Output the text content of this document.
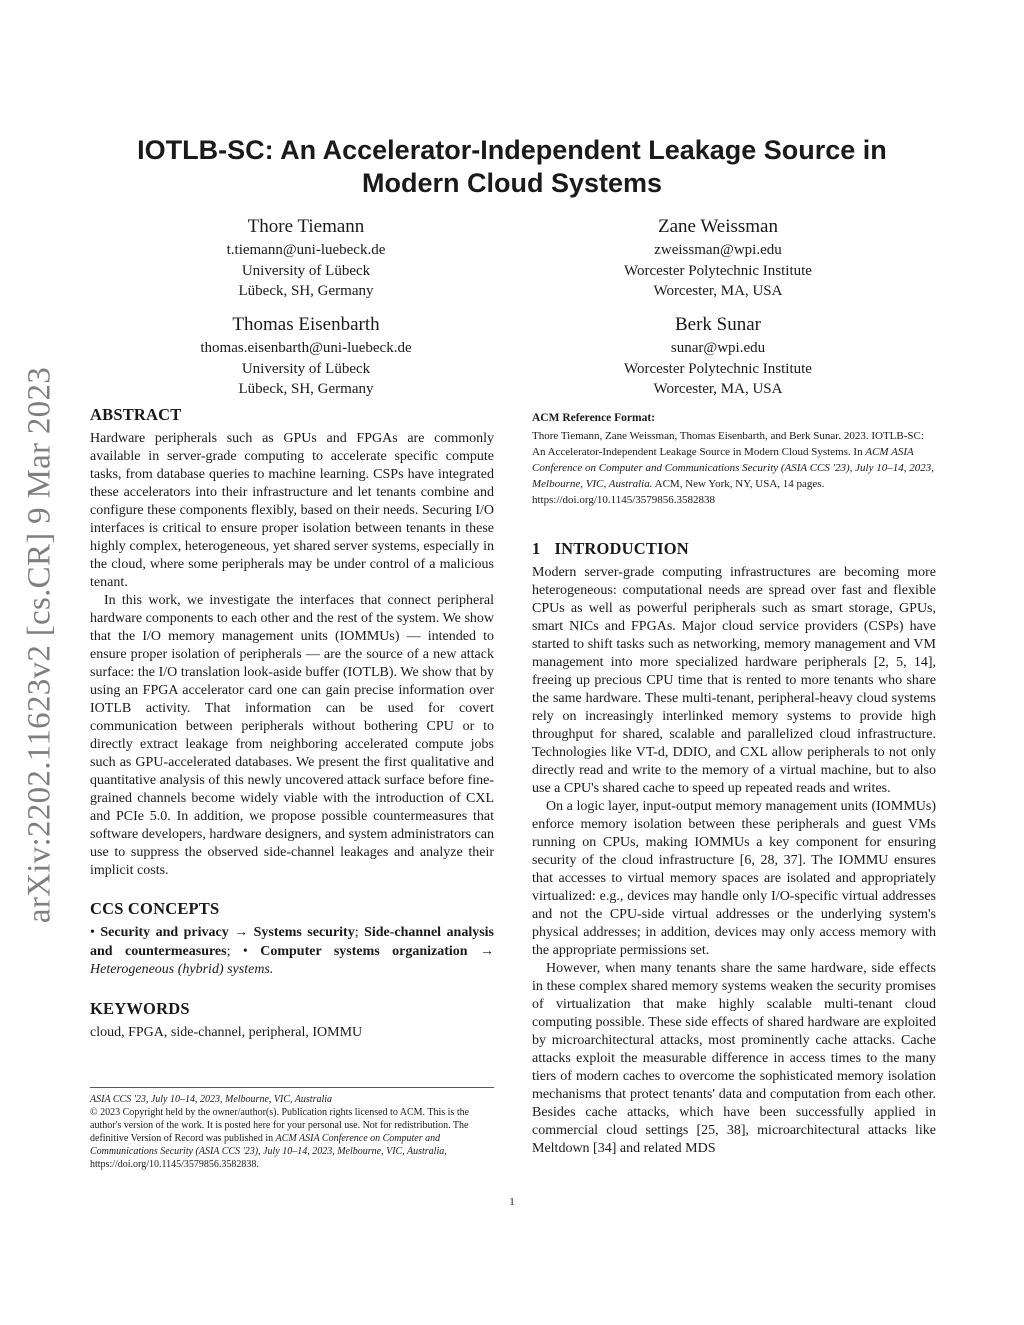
arXiv:2202.11623v2 [cs.CR] 9 Mar 2023
IOTLB-SC: An Accelerator-Independent Leakage Source in Modern Cloud Systems
Thore Tiemann
t.tiemann@uni-luebeck.de
University of Lübeck
Lübeck, SH, Germany
Zane Weissman
zweissman@wpi.edu
Worcester Polytechnic Institute
Worcester, MA, USA
Thomas Eisenbarth
thomas.eisenbarth@uni-luebeck.de
University of Lübeck
Lübeck, SH, Germany
Berk Sunar
sunar@wpi.edu
Worcester Polytechnic Institute
Worcester, MA, USA
ABSTRACT

Hardware peripherals such as GPUs and FPGAs are commonly available in server-grade computing to accelerate specific compute tasks, from database queries to machine learning. CSPs have integrated these accelerators into their infrastructure and let tenants combine and configure these components flexibly, based on their needs. Securing I/O interfaces is critical to ensure proper isolation between tenants in these highly complex, heterogeneous, yet shared server systems, especially in the cloud, where some peripherals may be under control of a malicious tenant.

In this work, we investigate the interfaces that connect peripheral hardware components to each other and the rest of the system. We show that the I/O memory management units (IOMMUs) — intended to ensure proper isolation of peripherals — are the source of a new attack surface: the I/O translation look-aside buffer (IOTLB). We show that by using an FPGA accelerator card one can gain precise information over IOTLB activity. That information can be used for covert communication between peripherals without bothering CPU or to directly extract leakage from neighboring accelerated compute jobs such as GPU-accelerated databases. We present the first qualitative and quantitative analysis of this newly uncovered attack surface before fine-grained channels become widely viable with the introduction of CXL and PCIe 5.0. In addition, we propose possible countermeasures that software developers, hardware designers, and system administrators can use to suppress the observed side-channel leakages and analyze their implicit costs.

CCS CONCEPTS

• Security and privacy → Systems security; Side-channel analysis and countermeasures; • Computer systems organization → Heterogeneous (hybrid) systems.

KEYWORDS

cloud, FPGA, side-channel, peripheral, IOMMU

ASIA CCS '23, July 10–14, 2023, Melbourne, VIC, Australia
© 2023 Copyright held by the owner/author(s). Publication rights licensed to ACM. This is the author's version of the work. It is posted here for your personal use. Not for redistribution. The definitive Version of Record was published in ACM ASIA Conference on Computer and Communications Security (ASIA CCS '23), July 10–14, 2023, Melbourne, VIC, Australia, https://doi.org/10.1145/3579856.3582838.
ACM Reference Format:
Thore Tiemann, Zane Weissman, Thomas Eisenbarth, and Berk Sunar. 2023. IOTLB-SC: An Accelerator-Independent Leakage Source in Modern Cloud Systems. In ACM ASIA Conference on Computer and Communications Security (ASIA CCS '23), July 10–14, 2023, Melbourne, VIC, Australia. ACM, New York, NY, USA, 14 pages. https://doi.org/10.1145/3579856.3582838
1 INTRODUCTION

Modern server-grade computing infrastructures are becoming more heterogeneous: computational needs are spread over fast and flexible CPUs as well as powerful peripherals such as smart storage, GPUs, smart NICs and FPGAs. Major cloud service providers (CSPs) have started to shift tasks such as networking, memory management and VM management into more specialized hardware peripherals [2, 5, 14], freeing up precious CPU time that is rented to more tenants who share the same hardware. These multi-tenant, peripheral-heavy cloud systems rely on increasingly interlinked memory systems to provide high throughput for shared, scalable and parallelized cloud infrastructure. Technologies like VT-d, DDIO, and CXL allow peripherals to not only directly read and write to the memory of a virtual machine, but to also use a CPU's shared cache to speed up repeated reads and writes.

On a logic layer, input-output memory management units (IOMMUs) enforce memory isolation between these peripherals and guest VMs running on CPUs, making IOMMUs a key component for ensuring security of the cloud infrastructure [6, 28, 37]. The IOMMU ensures that accesses to virtual memory spaces are isolated and appropriately virtualized: e.g., devices may handle only I/O-specific virtual addresses and not the CPU-side virtual addresses or the underlying system's physical addresses; in addition, devices may only access memory with the appropriate permissions set.

However, when many tenants share the same hardware, side effects in these complex shared memory systems weaken the security promises of virtualization that make highly scalable multi-tenant cloud computing possible. These side effects of shared hardware are exploited by microarchitectural attacks, most prominently cache attacks. Cache attacks exploit the measurable difference in access times to the many tiers of modern caches to overcome the sophisticated memory isolation mechanisms that protect tenants' data and computation from each other. Besides cache attacks, which have been successfully applied in commercial cloud settings [25, 38], microarchitectural attacks like Meltdown [34] and related MDS

1
